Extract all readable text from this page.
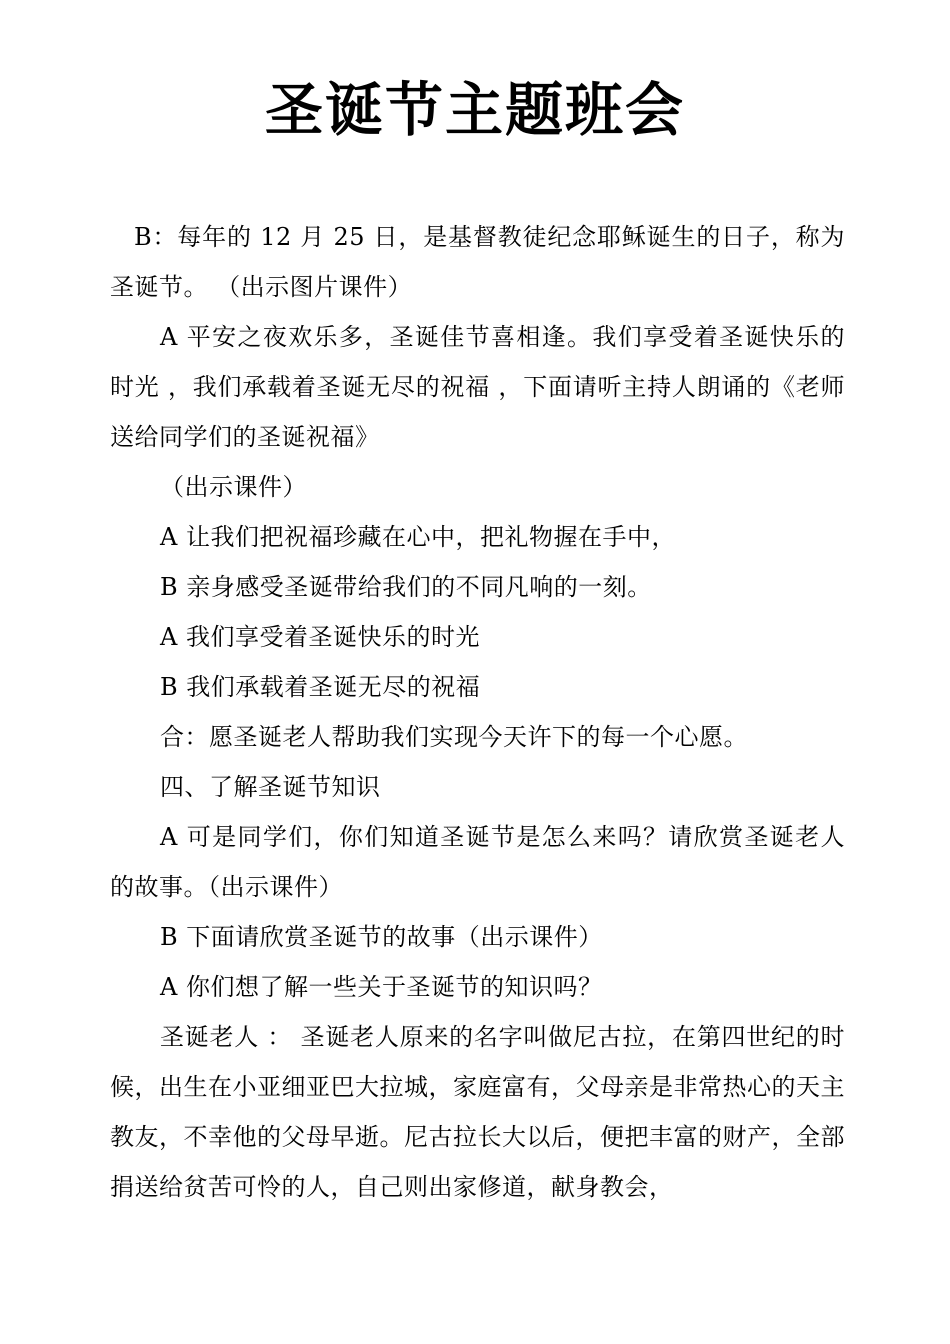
圣诞节主题班会

B：每年的 12 月 25 日，是基督教徒纪念耶稣诞生的日子，称为圣诞节。 （出示图片课件）

A 平安之夜欢乐多，圣诞佳节喜相逢。我们享受着圣诞快乐的时光 ，我们承载着圣诞无尽的祝福 ，下面请听主持人朗诵的《老师送给同学们的圣诞祝福》

（出示课件）

A 让我们把祝福珍藏在心中，把礼物握在手中，

B 亲身感受圣诞带给我们的不同凡响的一刻。

A 我们享受着圣诞快乐的时光

B 我们承载着圣诞无尽的祝福

合：愿圣诞老人帮助我们实现今天许下的每一个心愿。

四、了解圣诞节知识

A 可是同学们，你们知道圣诞节是怎么来吗？请欣赏圣诞老人的故事。（出示课件）

B 下面请欣赏圣诞节的故事（出示课件）

A 你们想了解一些关于圣诞节的知识吗？

圣诞老人 ： 圣诞老人原来的名字叫做尼古拉，在第四世纪的时候，出生在小亚细亚巴大拉城，家庭富有，父母亲是非常热心的天主教友，不幸他的父母早逝。尼古拉长大以后，便把丰富的财产，全部捐送给贫苦可怜的人，自己则出家修道，献身教会，
